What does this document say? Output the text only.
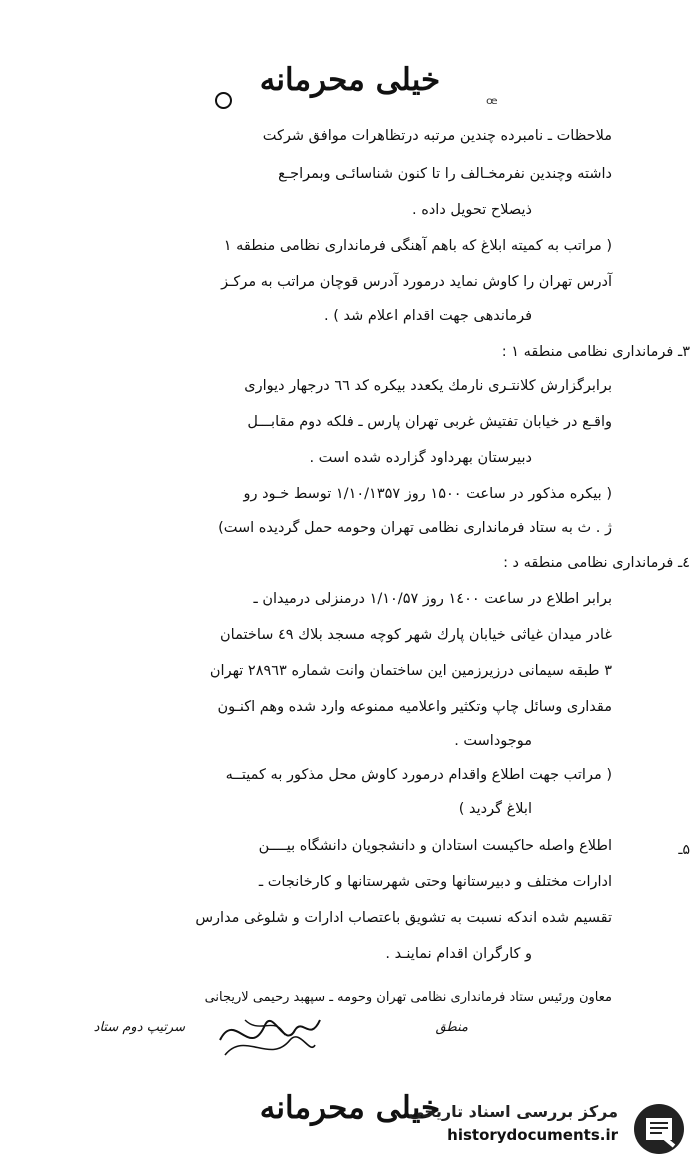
خیلی محرمانه
ꟹ
ملاحظات ـ نامبرده چندین مرتبه درتظاهرات موافق شرکت
داشته وچندین نفرمخـالف را تا کنون شناسائـی وبمراجـع
ذیصلاح تحویل داده .
( مراتب به کمیته ابلاغ که باهم آهنگی فرمانداری نظامی منطقه ۱
آدرس تهران را کاوش نماید درمورد آدرس قوچان مراتب به مرکـز
فرماندهی جهت اقدام اعلام شد ) .
۳ـ فرمانداری نظامی منطقه ۱ :
برابرگزارش کلانتـری نارمك یکعدد بیکره کد ٦٦ درجهار دیواری
واقـع در خیابان تفتیش غربی تهران پارس ـ فلکه دوم مقابـــل
دبیرستان بهرداود گزارده شده است .
( بیکره مذکور در ساعت ۱۵۰۰ روز ۱/۱۰/۱۳۵۷ توسط خـود رو
ژ . ث به ستاد فرمانداری نظامی تهران وحومه حمل گردیده است)
٤ـ فرمانداری نظامی منطقه د :
برابر اطلاع در ساعت ۱٤۰۰ روز ۱/۱۰/۵۷ درمنزلی درمیدان ـ
غادر میدان غیاثی خیابان پارك شهر کوچه مسجد بلاك ٤٩ ساختمان
۳ طبقه سیمانی درزیرزمین این ساختمان وانت شماره ۲۸۹٦۳ تهران
مقداری وسائل چاپ وتکثیر واعلامیه ممنوعه وارد شده وهم اکنـون
موجوداست .
( مراتب جهت اطلاع واقدام درمورد کاوش محل مذکور به کمیتــه
ابلاغ گردید )
۵ـ
اطلاع واصله حاکیست استادان و دانشجویان دانشگاه بیــــن
ادارات مختلف و دبیرستانها وحتی شهرستانها و کارخانجات ـ
تقسیم شده اندکه نسبت به تشویق باعتصاب ادارات و شلوغی مدارس
و کارگران اقدام نماینـد .
معاون ورئیس ستاد فرمانداری نظامی تهران وحومه ـ سپهبد رحیمی لاریجانی
سرتیپ دوم ستاد	منطق
خیلی محرمانه
مرکز بررسی اسناد تاریخی
historydocuments.ir
